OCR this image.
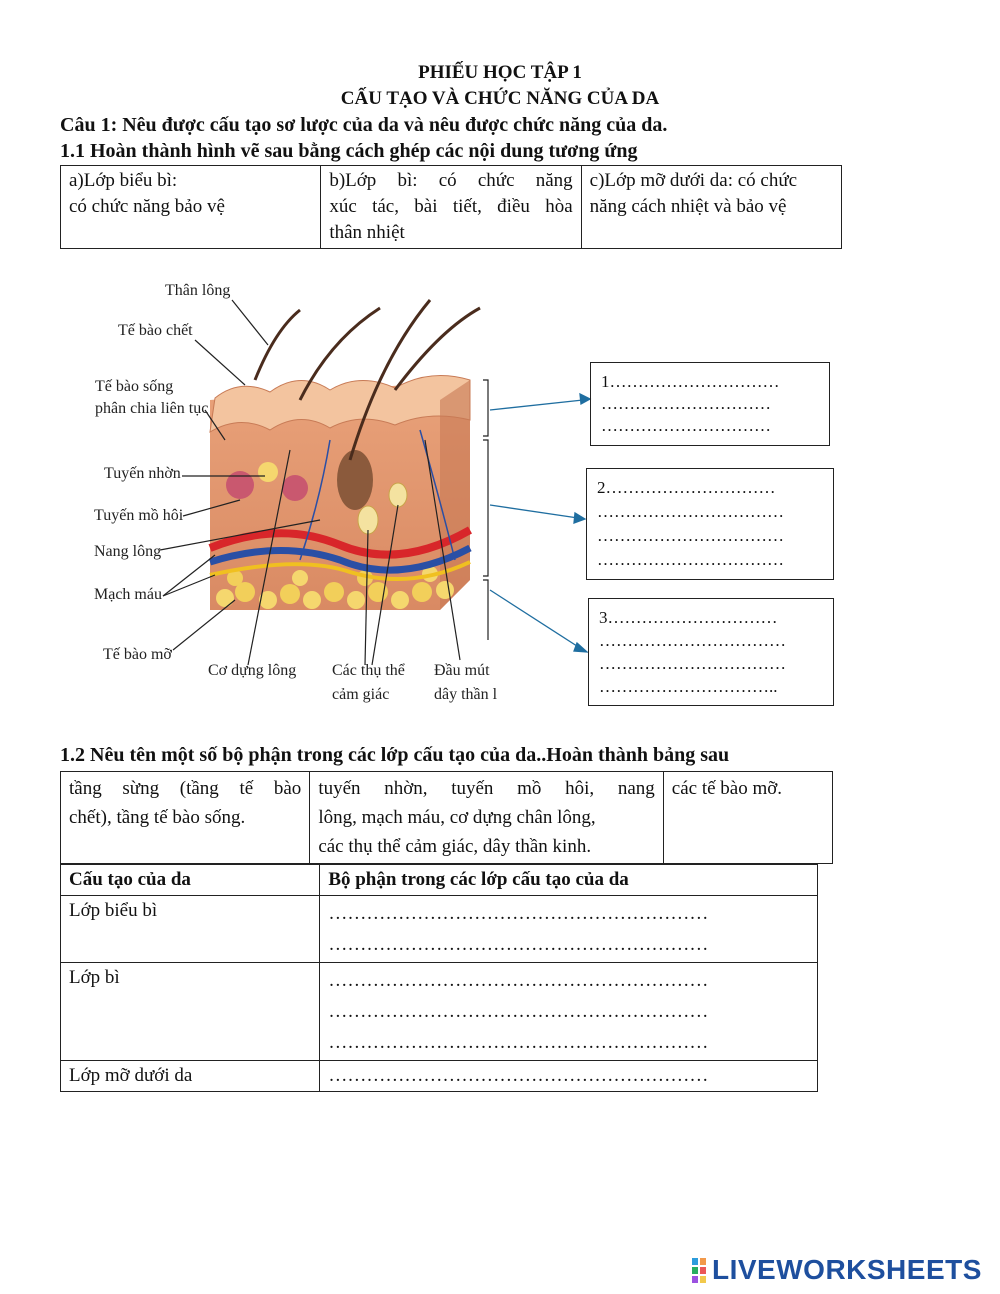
PHIẾU HỌC TẬP 1
CẤU TẠO VÀ CHỨC NĂNG CỦA DA
Câu 1: Nêu được cấu tạo sơ lược của da và nêu được chức năng của da.
1.1 Hoàn thành hình vẽ sau bằng cách ghép các nội dung tương ứng
a)Lớp biểu bì:
có chức năng bảo vệ

b)Lớp bì: có chức năng
xúc tác, bài tiết, điều hòa
thân nhiệt

c)Lớp mỡ dưới da: có chức
năng cách nhiệt và bảo vệ
Thân lông
Tế bào chết
Tế bào sống
phân chia liên tục
Tuyến nhờn
Tuyến mồ hôi
Nang lông
Mạch máu
Tế bào mỡ
Cơ dựng lông Các thụ thể
cảm giác
Đầu mút
dây thần l
1…………………………
…………………………
…………………………
2…………………………
……………………………
……………………………
……………………………
3…………………………
……………………………
……………………………
…………………………..
1.2 Nêu tên một số bộ phận trong các lớp cấu tạo của da..Hoàn thành bảng sau
tầng sừng (tầng tế bào
chết), tầng tế bào sống.

tuyến nhờn, tuyến mồ hôi, nang
lông, mạch máu, cơ dựng chân lông,
các thụ thể cảm giác, dây thần kinh.

các tế bào mỡ.
Cấu tạo của da	Bộ phận trong các lớp cấu tạo của da
Lớp biểu bì	……………………………………………………
……………………………………………………

Lớp bì	……………………………………………………
……………………………………………………
……………………………………………………

Lớp mỡ dưới da	……………………………………………………
LIVEWORKSHEETS
